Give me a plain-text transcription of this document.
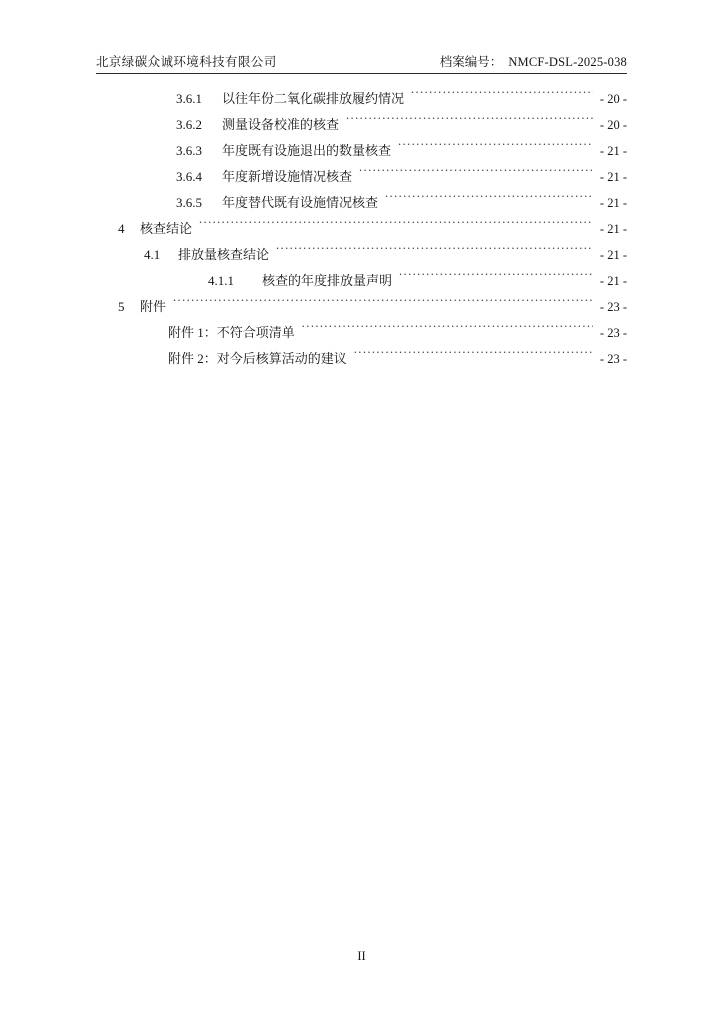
北京绿碳众诚环境科技有限公司	档案编号： NMCF-DSL-2025-038
3.6.1	以往年份二氧化碳排放履约情况 .....	- 20 -
3.6.2	测量设备校准的核查 .....	- 20 -
3.6.3	年度既有设施退出的数量核查 .....	- 21 -
3.6.4	年度新增设施情况核查 .....	- 21 -
3.6.5	年度替代既有设施情况核查 .....	- 21 -
4	核查结论 .....	- 21 -
4.1	排放量核查结论 .....	- 21 -
4.1.1	核查的年度排放量声明 .....	- 21 -
5	附件 .....	- 23 -
附件 1：不符合项清单 .....	- 23 -
附件 2：对今后核算活动的建议 .....	- 23 -
II
